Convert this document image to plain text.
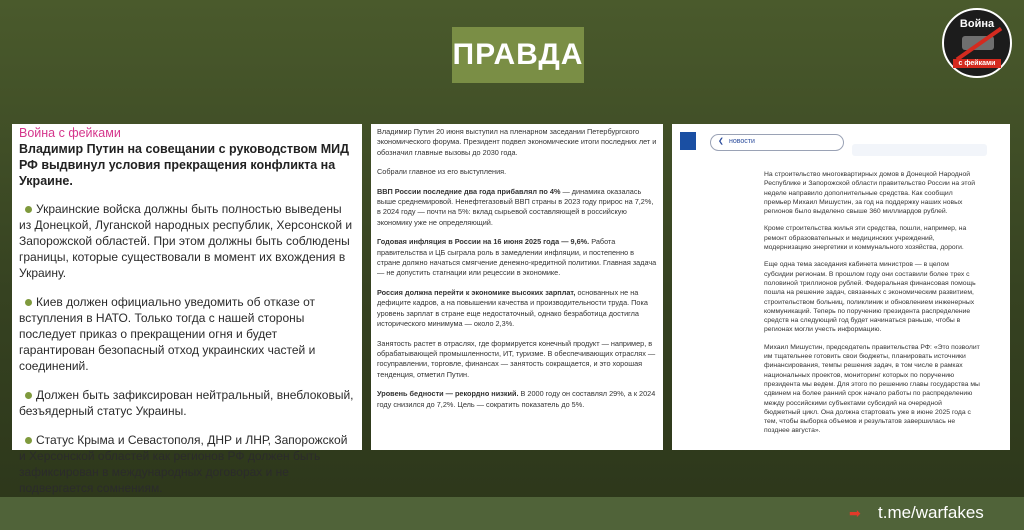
ПРАВДА
Война
с фейками
Война с фейками
Владимир Путин на совещании с руководством МИД РФ выдвинул условия прекращения конфликта на Украине.
Украинские войска должны быть полностью выведены из Донецкой, Луганской народных республик, Херсонской и Запорожской областей. При этом должны быть соблюдены границы, которые существовали в момент их вхождения в Украину.
Киев должен официально уведомить об отказе от вступления в НАТО. Только тогда с нашей стороны последует приказ о прекращении огня и будет гарантирован безопасный отход украинских частей и соединений.
Должен быть зафиксирован нейтральный, внеблоковый, безъядерный статус Украины.
Статус Крыма и Севастополя, ДНР и ЛНР, Запорожской и Херсонской областей как регионов РФ должен быть зафиксирован в международных договорах и не подвергается сомнениям.

Владимир Путин 20 июня выступил на пленарном заседании Петербургского экономического форума. Президент подвел экономические итоги последних лет и обозначил главные вызовы до 2030 года.

Собрали главное из его выступления.

ВВП России последние два года прибавлял по 4% — динамика оказалась выше среднемировой. Ненефтегазовый ВВП страны в 2023 году прирос на 7,2%, в 2024 году — почти на 5%: вклад сырьевой составляющей в российскую экономику уже не определяющий.

Годовая инфляция в России на 16 июня 2025 года — 9,6%. Работа правительства и ЦБ сыграла роль в замедлении инфляции, и постепенно в стране должно начаться смягчение денежно-кредитной политики. Главная задача — не допустить стагнации или рецессии в экономике.

Россия должна перейти к экономике высоких зарплат, основанных не на дефиците кадров, а на повышении качества и производительности труда. Пока уровень зарплат в стране еще недостаточный, однако безработица достигла исторического минимума — около 2,3%.

Занятость растет в отраслях, где формируется конечный продукт — например, в обрабатывающей промышленности, ИТ, туризме. В обеспечивающих отраслях — госуправлении, торговле, финансах — занятость сокращается, и это хорошая тенденция, отметил Путин.

Уровень бедности — рекордно низкий. В 2000 году он составлял 29%, а к 2024 году снизился до 7,2%. Цель — сократить показатель до 5%.

❮ новости

На строительство многоквартирных домов в Донецкой Народной Республике и Запорожской области правительство России на этой неделе направило дополнительные средства. Как сообщил премьер Михаил Мишустин, за год на поддержку наших новых регионов было выделено свыше 360 миллиардов рублей.

Кроме строительства жилья эти средства, пошли, например, на ремонт образовательных и медицинских учреждений, модернизацию энергетики и коммунального хозяйства, дороги.

Еще одна тема заседания кабинета министров — в целом субсидии регионам. В прошлом году они составили более трех с половиной триллионов рублей. Федеральная финансовая помощь пошла на решение задач, связанных с экономическим развитием, строительством больниц, поликлиник и обновлением инженерных коммуникаций. Теперь по поручению президента распределение средств на следующий год будет начинаться раньше, чтобы в регионах могли учесть информацию.

Михаил Мишустин, председатель правительства РФ: «Это позволит им тщательнее готовить свои бюджеты, планировать источники финансирования, темпы решения задач, в том числе в рамках национальных проектов, мониторинг которых по поручению президента мы ведем. Для этого по решению главы государства мы сдвинем на более ранний срок начало работы по распределению между российскими субъектами субсидий на очередной бюджетный цикл. Она должна стартовать уже в июне 2025 года с тем, чтобы выборка объемов и результатов завершилась не позднее августа».

➡	t.me/warfakes
